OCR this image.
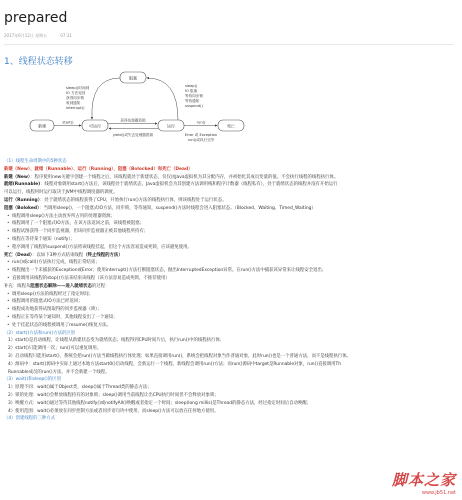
prepared
2017年6月12日 星期五	07:31
1、线程状态转移
阻塞
新建	可运行	运行	死亡
sleep()时间到
IO 方法返回
获得同步锁
收到通知
interrupt()
sleep()
IO 阻塞
等待同步锁
等待通知
suspend()
获得处理器资源
yield()或失去处理器资源
start()	run()
Error 或 Exception
run()或执行完毕

（1）线程生命周期中的5种状态

新建（New）、就绪（Runnable）、运行（Running）、阻塞（Bolocked）和死亡（Dead）

新建（New）：程序使用new关键字创建一个线程之后，该线程就处于新建状态，仅仅由Java虚拟机为其分配内存，并初始化其成员变量的值。不会执行线程的线程执行体。

就绪(Runnable)：线程对象调用start()方法后，该线程处于就绪状态，Java虚拟机会为其创建方法调用栈和程序计数器（线程私有），处于就绪状态的线程并没有开始运行

可以运行，线程何时运行取决于JVM中线程调度器的调度。

运行（Running）：处于就绪状态的线程获得了CPU，开始执行run()方法的线程执行体，则该线程处于运行状态。

阻塞（Boloked）：当调用sleep()，一个阻塞式IO方法，同步锁，等待通知，suspend()方法时线程会进入阻塞状态。（Blocked、Waiting、Timed_Waiting）

• 线程调用sleep()方法主动放弃所占用的处理器资源；

• 线程调用了一个阻塞式IO方法，在该方法返回之前，该线程被阻塞；

• 线程试图获得一个同步监视器，但该同步监视器正被其他线程所持有；

• 线程在等待某个通知（notify）；

• 程序调用了线程的suspend()方法将该线程挂起，但这个方法容易造成死锁，应该避免使用。

死亡（Dead）：以如下3种方式结束线程（终止线程的方法）

• run()或call()方法执行完成，线程正常结束；

• 线程抛出一个未捕获的Exception或Error；使用interrupt()方法打断阻塞状态，抛出InterruptedException异常。在run()方法中捕获该异常来让线程安全退出；

• 直接调用该线程的stop()方法来结束该线程（该方法容易造成死锁，不推荐使用）

补充：线程从阻塞状态解除——进入就绪状态的过程：

• 调用sleep()方法的线程经过了指定时间；

• 线程调用的阻塞式IO方法已经返回；

• 线程成功地获得试图取得的同步监视器（锁）；

• 线程正在等待某个通知时，其他线程发出了一个通知；

• 处于挂起状态的线程被调用了resume()恢复方法。

（2）start()方法和run()方法的区别

1）start()是启动线程，让线程从新建状态变为就绪状态；线程得到CPU时间片后，执行run()中的线程执行体；

2）start()只能调用一次；run()可以重复调用。

3）启动线程只能用start()，系统会把run()方法当做线程执行体处理；如果直接调用run()，系统会把线程对象当作普通对象，此时run()也是一个普通方法，而不是线程执行体。

4）源码中：start()源码中实际上通过本地方法start0()启动线程，会新运行一个线程，新线程会调用run()方法；而run()源码中target是Runnable对象，run()直接调用Th

Runnable成员的run()方法，并不会新建一个线程。

（3）wait()和sleep()的区别

1）原理不同：wait()属于Object类，sleep()属于Thread类的静态方法；

2）锁的处理：wait()会释放线程持有的对象锁；sleep()调用当前线程让出CPU执行时间但不会释放对象锁；

3）唤醒方式：wait()通过等待其他线程notify()或notifyAll()唤醒或者指定一个时间；sleep(long millis)是Thread的静态方法，经过指定时间后自动唤醒；

4）使用范围：wait()必须放在同步控制方法或者同步语句块中使用，而sleep()方法可以放在任何地方使用。

（4）创建线程的三种方式

脚本之家
www.jb51.net
